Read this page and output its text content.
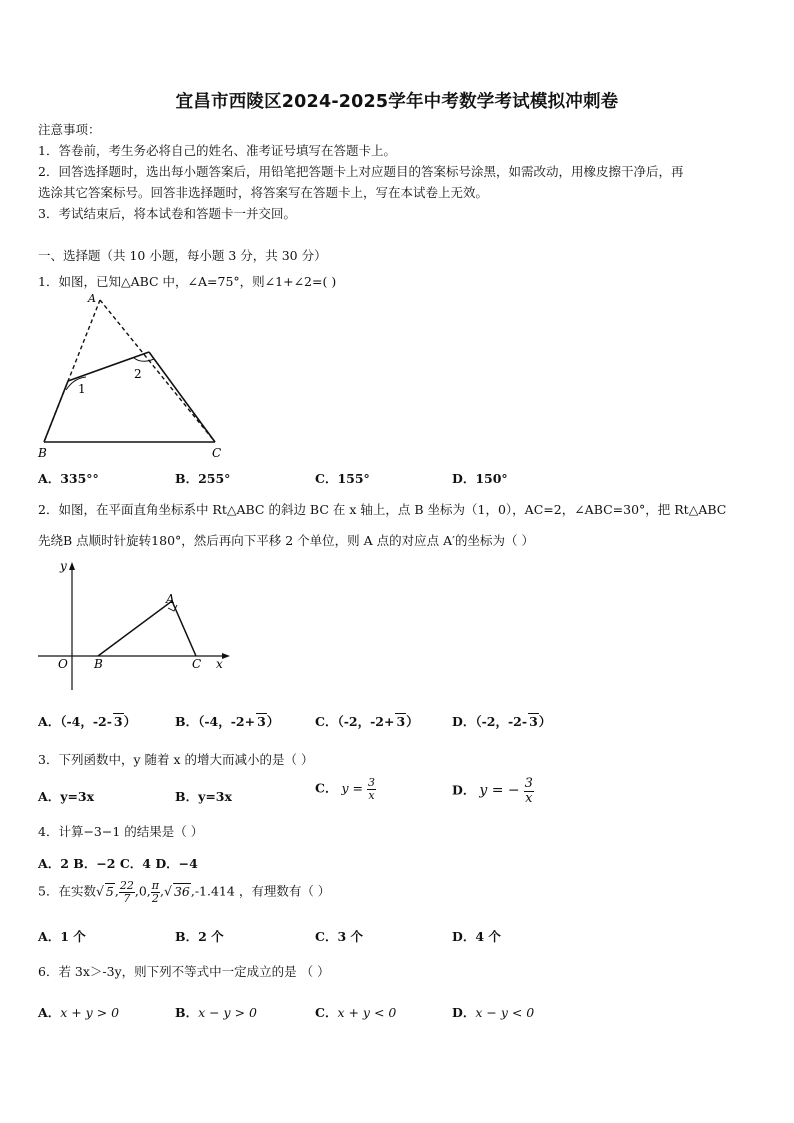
宜昌市西陵区2024-2025学年中考数学考试模拟冲刺卷
注意事项：
1．答卷前，考生务必将自己的姓名、准考证号填写在答题卡上。
2．回答选择题时，选出每小题答案后，用铅笔把答题卡上对应题目的答案标号涂黑，如需改动，用橡皮擦干净后，再
选涂其它答案标号。回答非选择题时，将答案写在答题卡上，写在本试卷上无效。
3．考试结束后，将本试卷和答题卡一并交回。
一、选择题（共 10 小题，每小题 3 分，共 30 分）
1．如图，已知△ABC 中，∠A=75°，则∠1+∠2=( )
A
1
2
B	C
A．335°°	B．255°	C．155°	D．150°
2．如图，在平面直角坐标系中 Rt△ABC 的斜边 BC 在 x 轴上，点 B 坐标为（1，0），AC=2，∠ABC=30°，把 Rt△ABC
先绕B 点顺时针旋转180°，然后再向下平移 2 个单位，则 A 点的对应点 A′的坐标为（ ）
y
x
O B	C
A
A．（-4，-2- 3）	B．（-4，-2+ 3）	C．（-2，-2+ 3）	D．（-2，-2- 3）
3．下列函数中，y 随着 x 的增大而减小的是（ ）
A．y=3x	B．y=3x
C． $y = \frac{3}{x}$	D． y = − $\frac{3}{x}$
4．计算−3−1 的结果是（ ）
A．2 B．−2 C．4 D．−4
5．在实数√ 5, $\frac{22}{7} ,0$, $\frac{\pi}{2}$ ,√ 36,-1.414 ，有理数有（ ）
A．1 个	B．2 个	C．3 个	D．4 个
6．若 3x＞-3y，则下列不等式中一定成立的是 （ ）
A．x + y > 0	B．x − y > 0	C．x + y < 0	D．x − y < 0
